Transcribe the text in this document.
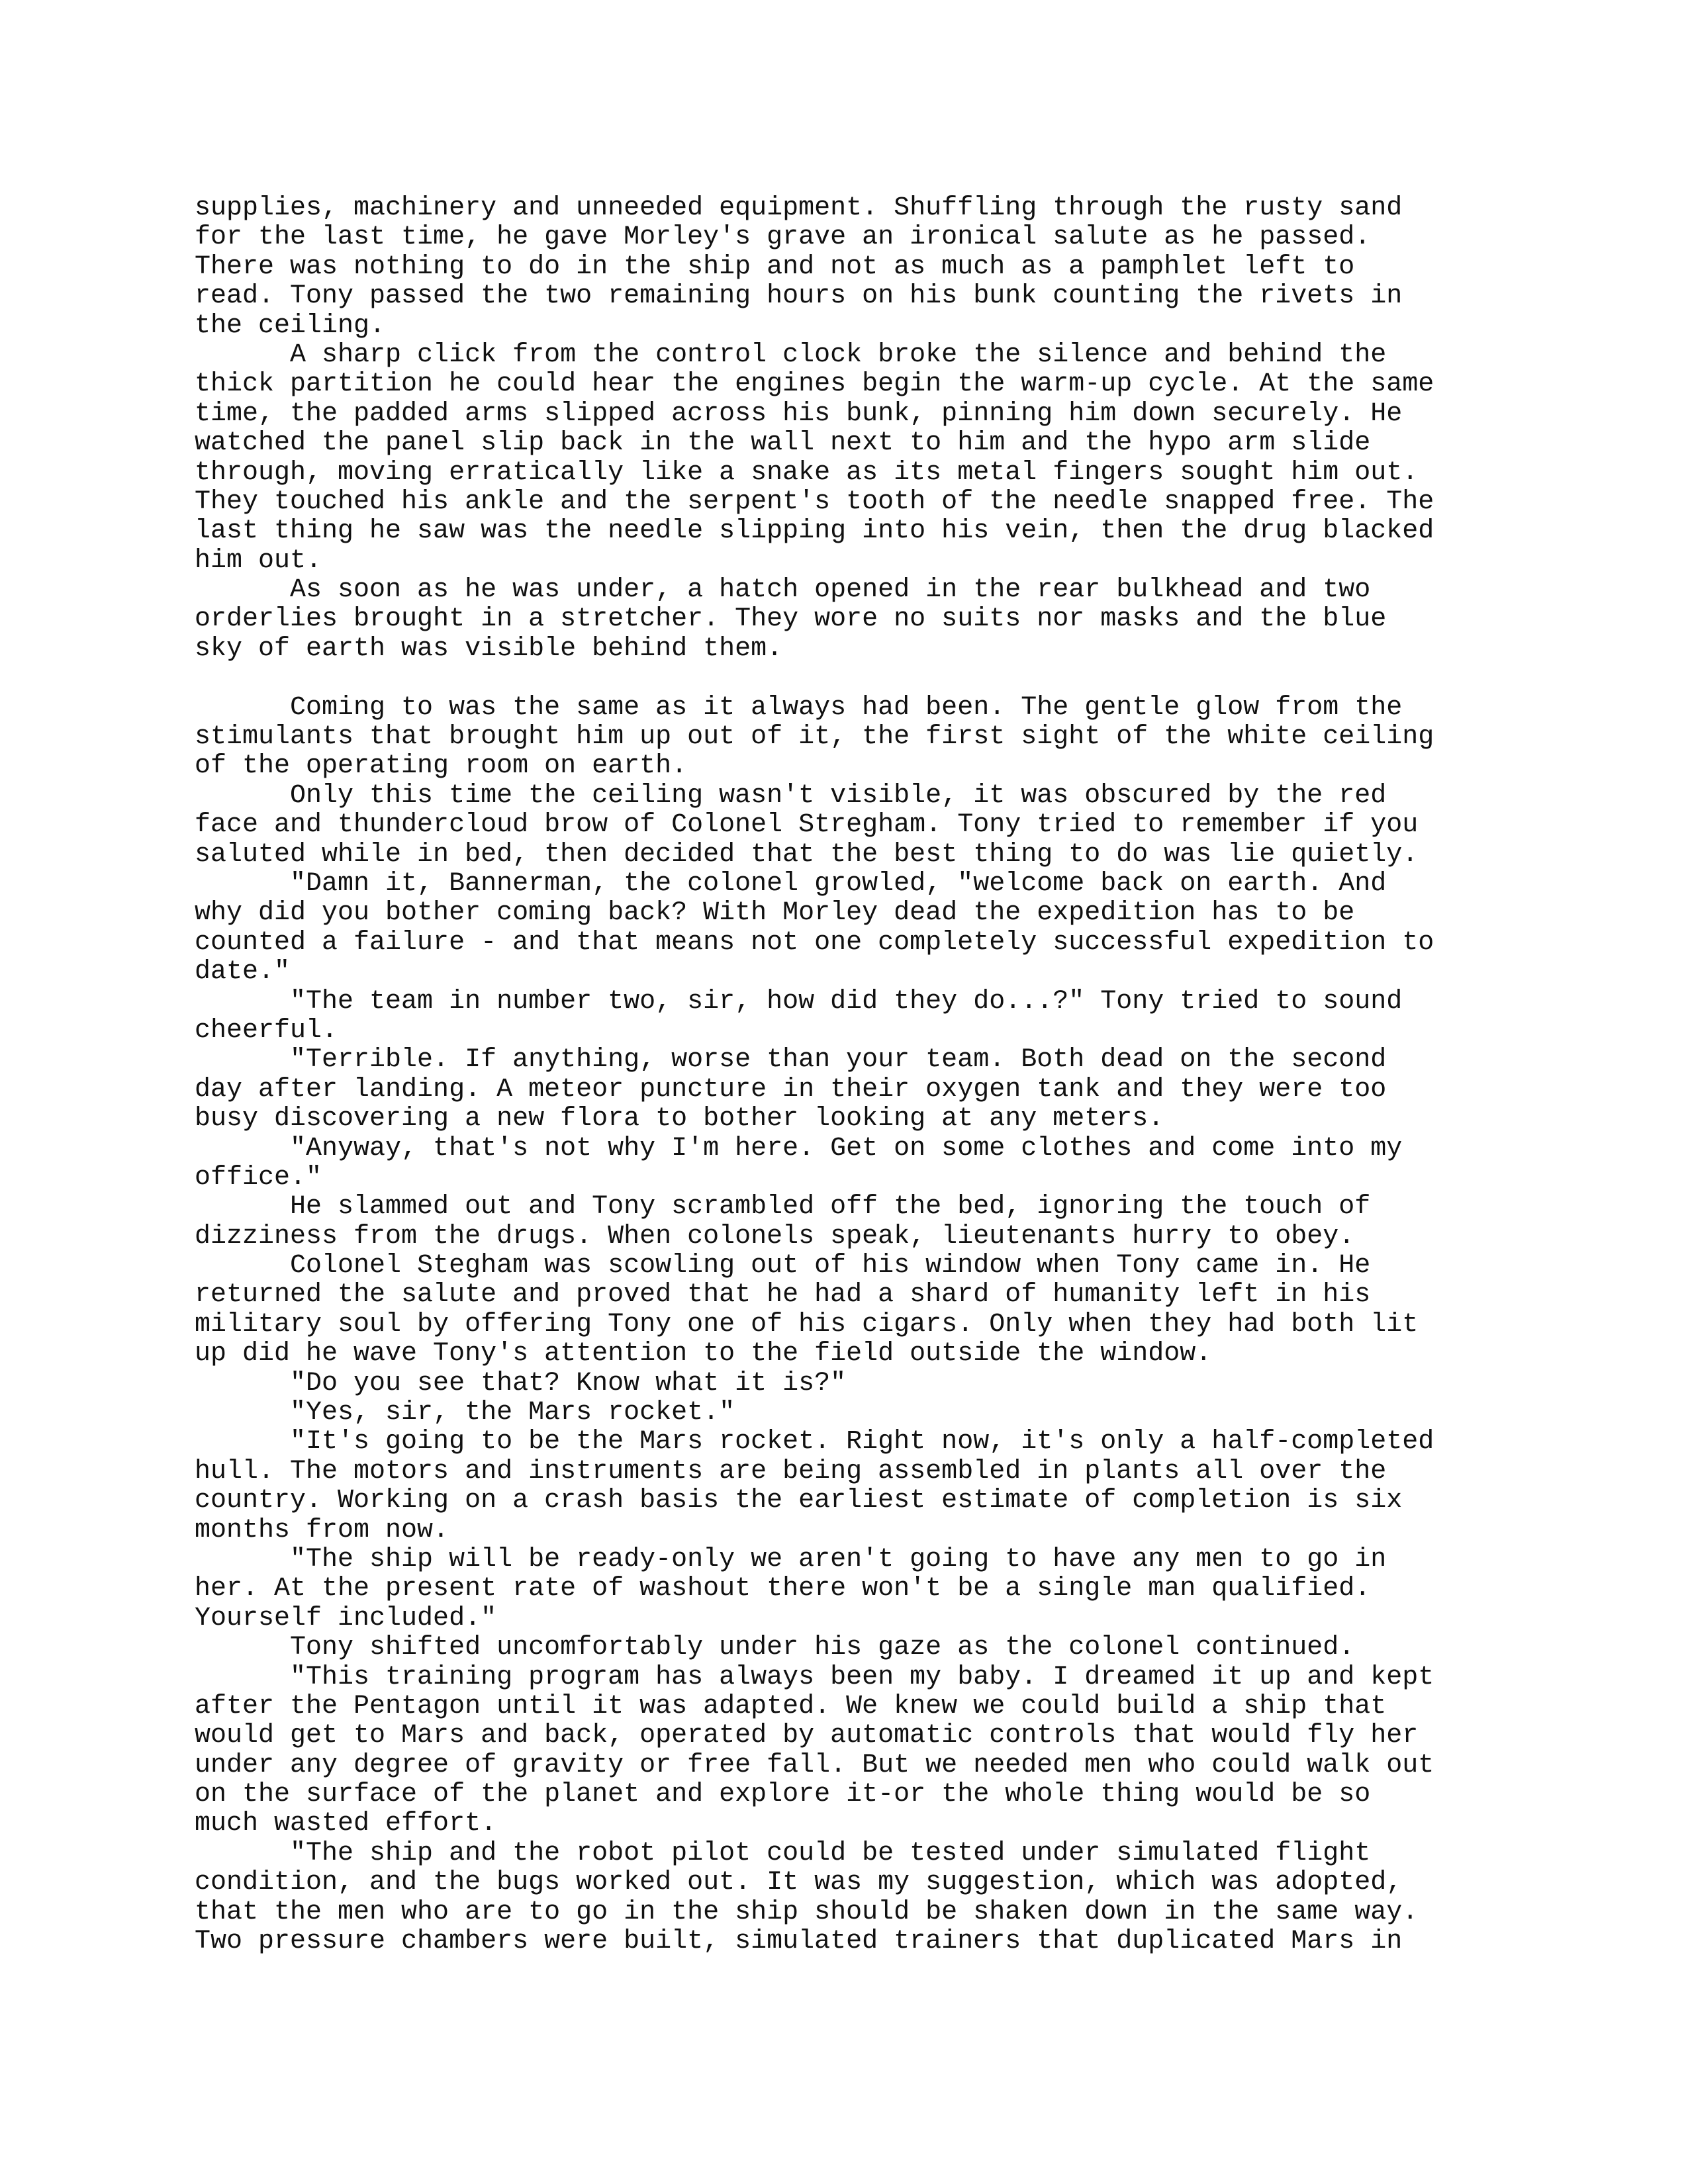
supplies, machinery and unneeded equipment. Shuffling through the rusty sand
for the last time, he gave Morley's grave an ironical salute as he passed.
There was nothing to do in the ship and not as much as a pamphlet left to
read. Tony passed the two remaining hours on his bunk counting the rivets in
the ceiling.
A sharp click from the control clock broke the silence and behind the
thick partition he could hear the engines begin the warm-up cycle. At the same
time, the padded arms slipped across his bunk, pinning him down securely. He
watched the panel slip back in the wall next to him and the hypo arm slide
through, moving erratically like a snake as its metal fingers sought him out.
They touched his ankle and the serpent's tooth of the needle snapped free. The
last thing he saw was the needle slipping into his vein, then the drug blacked
him out.
As soon as he was under, a hatch opened in the rear bulkhead and two
orderlies brought in a stretcher. They wore no suits nor masks and the blue
sky of earth was visible behind them.
Coming to was the same as it always had been. The gentle glow from the
stimulants that brought him up out of it, the first sight of the white ceiling
of the operating room on earth.
Only this time the ceiling wasn't visible, it was obscured by the red
face and thundercloud brow of Colonel Stregham. Tony tried to remember if you
saluted while in bed, then decided that the best thing to do was lie quietly.
"Damn it, Bannerman, the colonel growled, "welcome back on earth. And
why did you bother coming back? With Morley dead the expedition has to be
counted a failure - and that means not one completely successful expedition to
date."
"The team in number two, sir, how did they do...?" Tony tried to sound
cheerful.
"Terrible. If anything, worse than your team. Both dead on the second
day after landing. A meteor puncture in their oxygen tank and they were too
busy discovering a new flora to bother looking at any meters.
"Anyway, that's not why I'm here. Get on some clothes and come into my
office."
He slammed out and Tony scrambled off the bed, ignoring the touch of
dizziness from the drugs. When colonels speak, lieutenants hurry to obey.
Colonel Stegham was scowling out of his window when Tony came in. He
returned the salute and proved that he had a shard of humanity left in his
military soul by offering Tony one of his cigars. Only when they had both lit
up did he wave Tony's attention to the field outside the window.
"Do you see that? Know what it is?"
"Yes, sir, the Mars rocket."
"It's going to be the Mars rocket. Right now, it's only a half-completed
hull. The motors and instruments are being assembled in plants all over the
country. Working on a crash basis the earliest estimate of completion is six
months from now.
"The ship will be ready-only we aren't going to have any men to go in
her. At the present rate of washout there won't be a single man qualified.
Yourself included."
Tony shifted uncomfortably under his gaze as the colonel continued.
"This training program has always been my baby. I dreamed it up and kept
after the Pentagon until it was adapted. We knew we could build a ship that
would get to Mars and back, operated by automatic controls that would fly her
under any degree of gravity or free fall. But we needed men who could walk out
on the surface of the planet and explore it-or the whole thing would be so
much wasted effort.
"The ship and the robot pilot could be tested under simulated flight
condition, and the bugs worked out. It was my suggestion, which was adopted,
that the men who are to go in the ship should be shaken down in the same way.
Two pressure chambers were built, simulated trainers that duplicated Mars in
